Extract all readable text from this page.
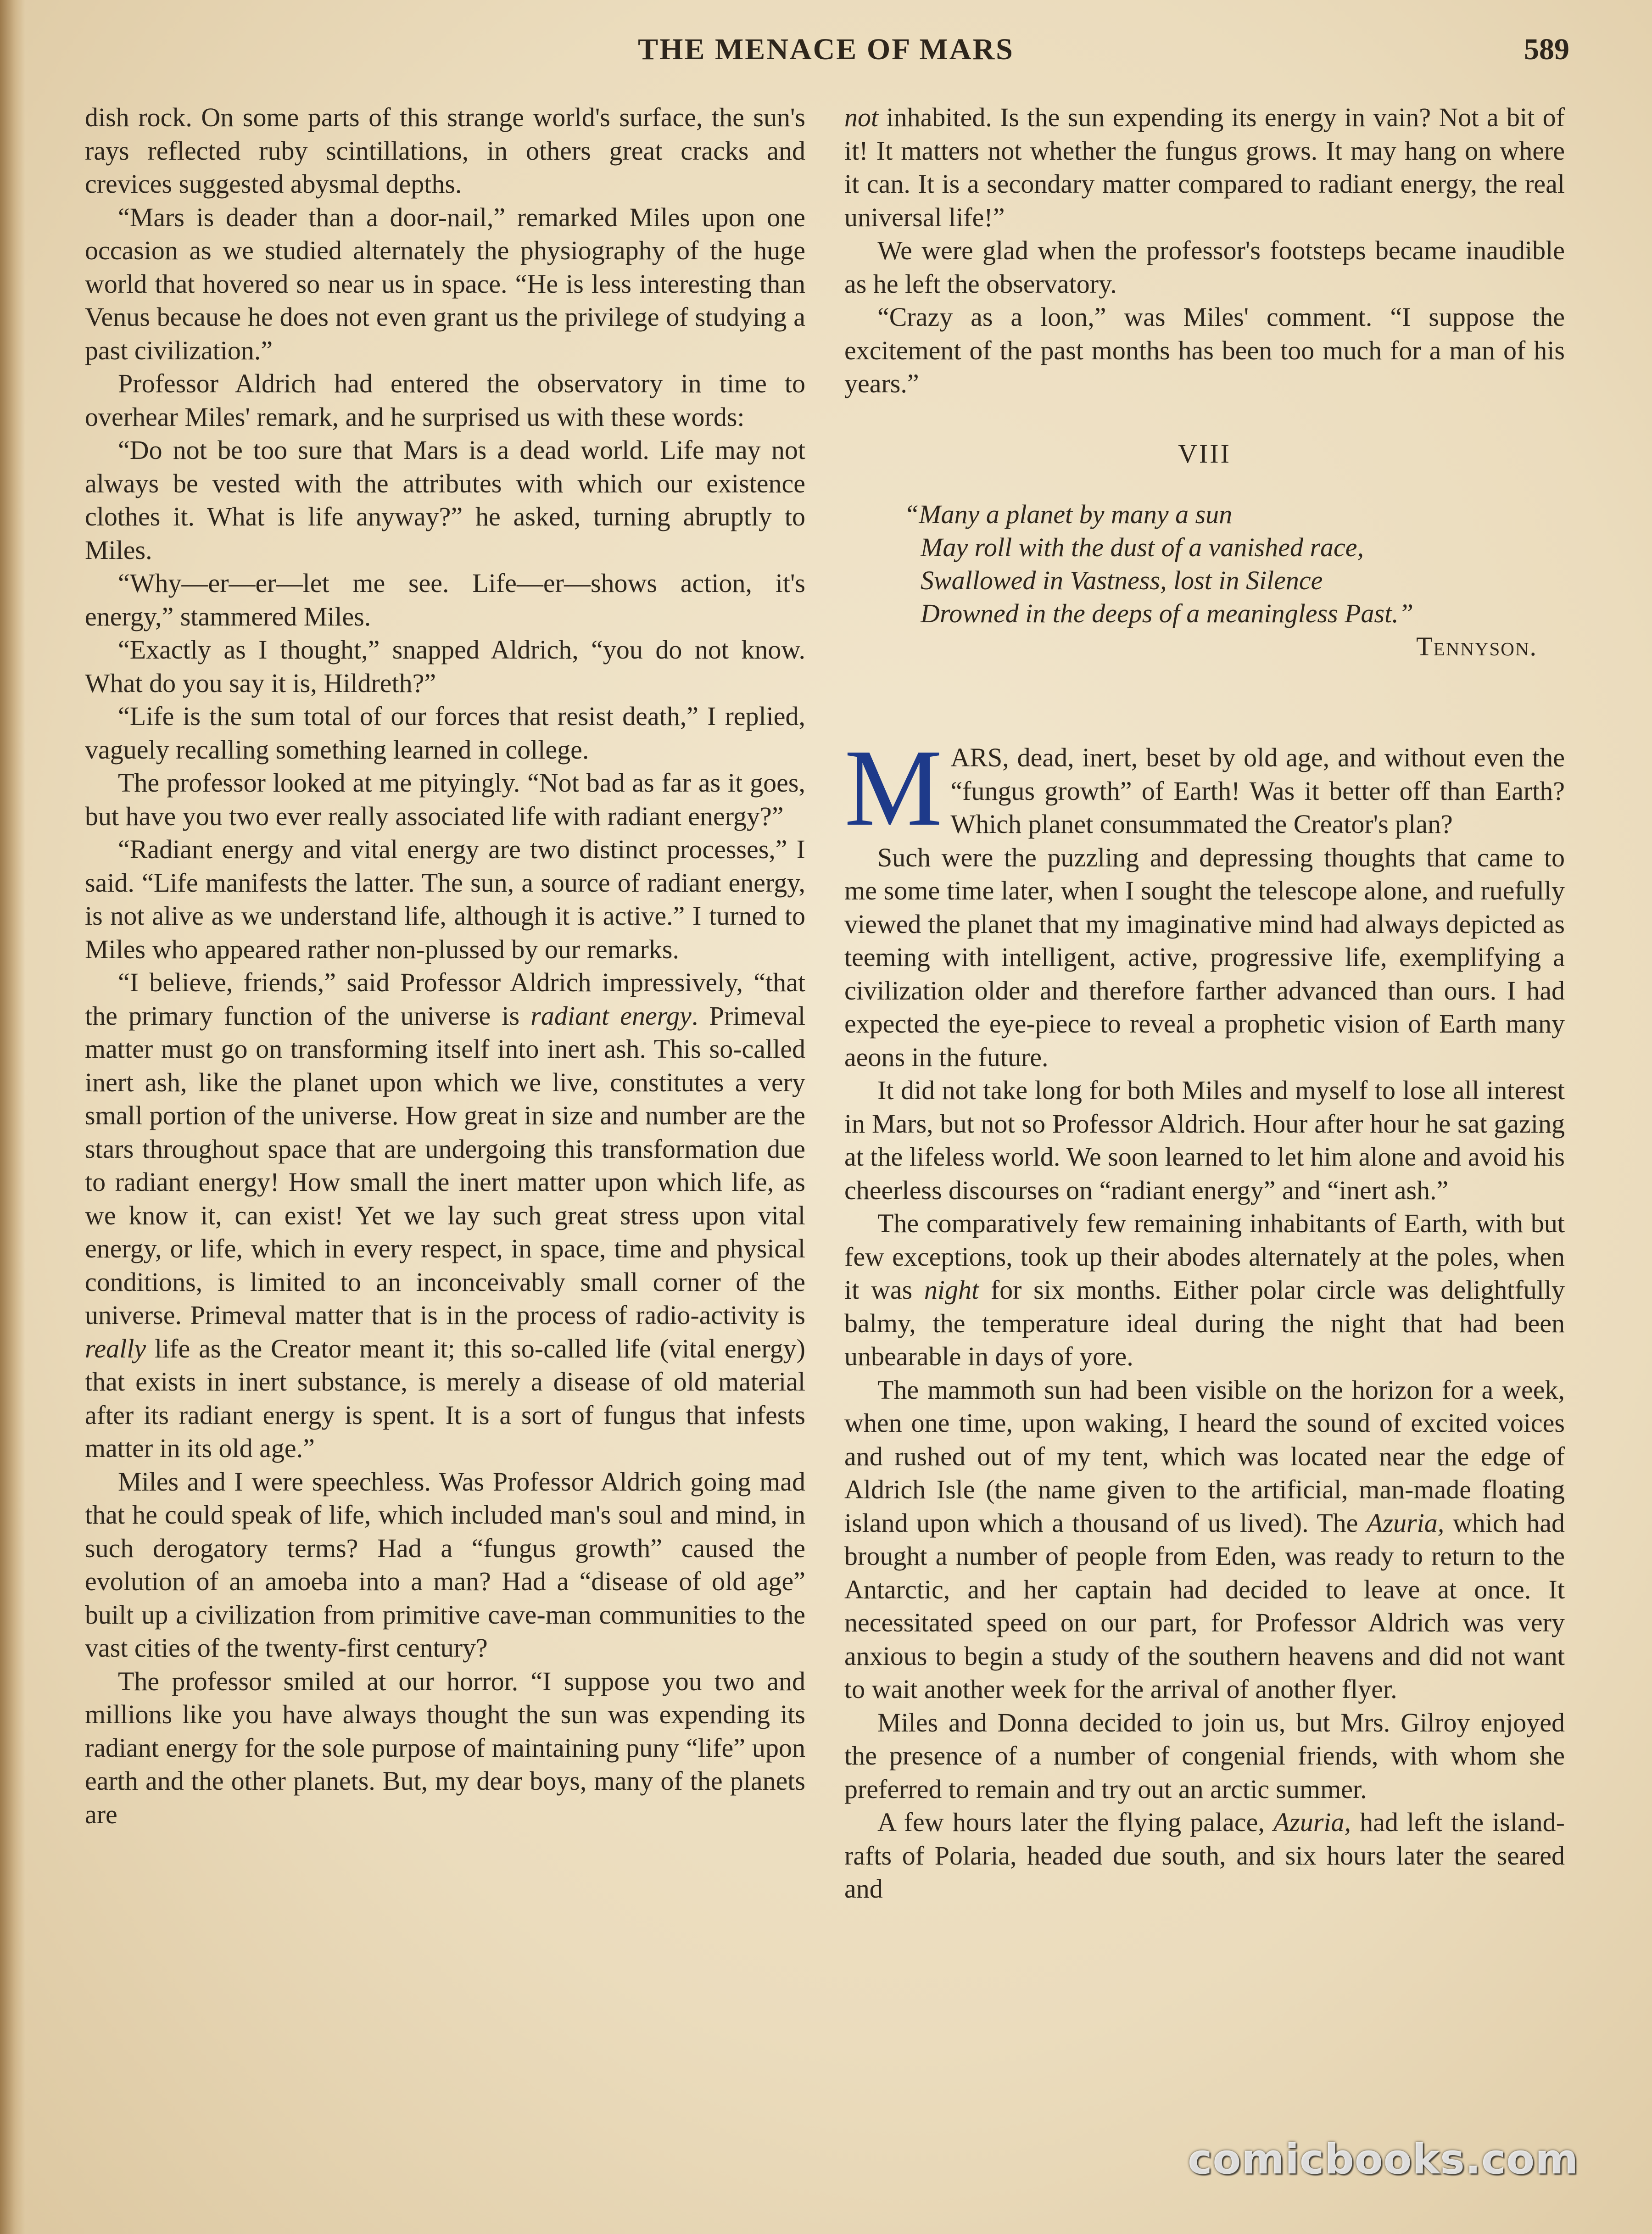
THE MENACE OF MARS	589

dish rock. On some parts of this strange world's surface, the sun's rays reflected ruby scintillations, in others great cracks and crevices suggested abysmal depths.

“Mars is deader than a door-nail,” remarked Miles upon one occasion as we studied alternately the physiography of the huge world that hovered so near us in space. “He is less interesting than Venus because he does not even grant us the privilege of studying a past civilization.”

Professor Aldrich had entered the observatory in time to overhear Miles' remark, and he surprised us with these words:

“Do not be too sure that Mars is a dead world. Life may not always be vested with the attributes with which our existence clothes it. What is life anyway?” he asked, turning abruptly to Miles.

“Why—er—er—let me see. Life—er—shows action, it's energy,” stammered Miles.

“Exactly as I thought,” snapped Aldrich, “you do not know. What do you say it is, Hildreth?”

“Life is the sum total of our forces that resist death,” I replied, vaguely recalling something learned in college.

The professor looked at me pityingly. “Not bad as far as it goes, but have you two ever really associated life with radiant energy?”

“Radiant energy and vital energy are two distinct processes,” I said. “Life manifests the latter. The sun, a source of radiant energy, is not alive as we understand life, although it is active.” I turned to Miles who appeared rather non-plussed by our remarks.

“I believe, friends,” said Professor Aldrich impressively, “that the primary function of the universe is radiant energy. Primeval matter must go on transforming itself into inert ash. This so-called inert ash, like the planet upon which we live, constitutes a very small portion of the universe. How great in size and number are the stars throughout space that are undergoing this transformation due to radiant energy! How small the inert matter upon which life, as we know it, can exist! Yet we lay such great stress upon vital energy, or life, which in every respect, in space, time and physical conditions, is limited to an inconceivably small corner of the universe. Primeval matter that is in the process of radio-activity is really life as the Creator meant it; this so-called life (vital energy) that exists in inert substance, is merely a disease of old material after its radiant energy is spent. It is a sort of fungus that infests matter in its old age.”

Miles and I were speechless. Was Professor Aldrich going mad that he could speak of life, which included man's soul and mind, in such derogatory terms? Had a “fungus growth” caused the evolution of an amoeba into a man? Had a “disease of old age” built up a civilization from primitive cave-man communities to the vast cities of the twenty-first century?

The professor smiled at our horror. “I suppose you two and millions like you have always thought the sun was expending its radiant energy for the sole purpose of maintaining puny “life” upon earth and the other planets. But, my dear boys, many of the planets are

not inhabited. Is the sun expending its energy in vain? Not a bit of it! It matters not whether the fungus grows. It may hang on where it can. It is a secondary matter compared to radiant energy, the real universal life!”

We were glad when the professor's footsteps became inaudible as he left the observatory.

“Crazy as a loon,” was Miles' comment. “I suppose the excitement of the past months has been too much for a man of his years.”

VIII
“Many a planet by many a sun
May roll with the dust of a vanished race,
Swallowed in Vastness, lost in Silence
Drowned in the deeps of a meaningless Past.”
Tennyson.

MARS, dead, inert, beset by old age, and without even the “fungus growth” of Earth! Was it better off than Earth? Which planet consummated the Creator's plan?

Such were the puzzling and depressing thoughts that came to me some time later, when I sought the telescope alone, and ruefully viewed the planet that my imaginative mind had always depicted as teeming with intelligent, active, progressive life, exemplifying a civilization older and therefore farther advanced than ours. I had expected the eye-piece to reveal a prophetic vision of Earth many aeons in the future.

It did not take long for both Miles and myself to lose all interest in Mars, but not so Professor Aldrich. Hour after hour he sat gazing at the lifeless world. We soon learned to let him alone and avoid his cheerless discourses on “radiant energy” and “inert ash.”

The comparatively few remaining inhabitants of Earth, with but few exceptions, took up their abodes alternately at the poles, when it was night for six months. Either polar circle was delightfully balmy, the temperature ideal during the night that had been unbearable in days of yore.

The mammoth sun had been visible on the horizon for a week, when one time, upon waking, I heard the sound of excited voices and rushed out of my tent, which was located near the edge of Aldrich Isle (the name given to the artificial, man-made floating island upon which a thousand of us lived). The Azuria, which had brought a number of people from Eden, was ready to return to the Antarctic, and her captain had decided to leave at once. It necessitated speed on our part, for Professor Aldrich was very anxious to begin a study of the southern heavens and did not want to wait another week for the arrival of another flyer.

Miles and Donna decided to join us, but Mrs. Gilroy enjoyed the presence of a number of congenial friends, with whom she preferred to remain and try out an arctic summer.

A few hours later the flying palace, Azuria, had left the island-rafts of Polaria, headed due south, and six hours later the seared and

comicbooks.com
